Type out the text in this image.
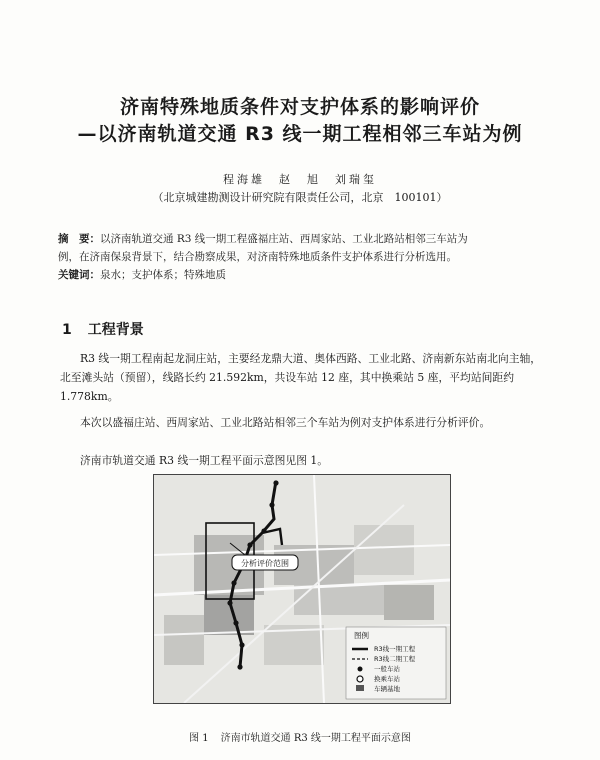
济南特殊地质条件对支护体系的影响评价
—以济南轨道交通 R3 线一期工程相邻三车站为例
程海雄　赵　旭　刘瑞玺
（北京城建勘测设计研究院有限责任公司，北京　100101）
摘　要：以济南轨道交通 R3 线一期工程盛福庄站、西周家站、工业北路站相邻三车站为
例，在济南保泉背景下，结合勘察成果，对济南特殊地质条件支护体系进行分析选用。
关键词：泉水；支护体系；特殊地质
1 工程背景
R3 线一期工程南起龙洞庄站，主要经龙鼎大道、奥体西路、工业北路、济南新东站南北向主轴，北至滩头站（预留），线路长约 21.592km，共设车站 12 座，其中换乘站 5 座，平均站间距约 1.778km。
本次以盛福庄站、西周家站、工业北路站相邻三个车站为例对支护体系进行分析评价。
济南市轨道交通 R3 线一期工程平面示意图见图 1。
分析评价范围
图例
R3线一期工程
R3线二期工程
一般车站
换乘车站
车辆基地
图 1 济南市轨道交通 R3 线一期工程平面示意图
